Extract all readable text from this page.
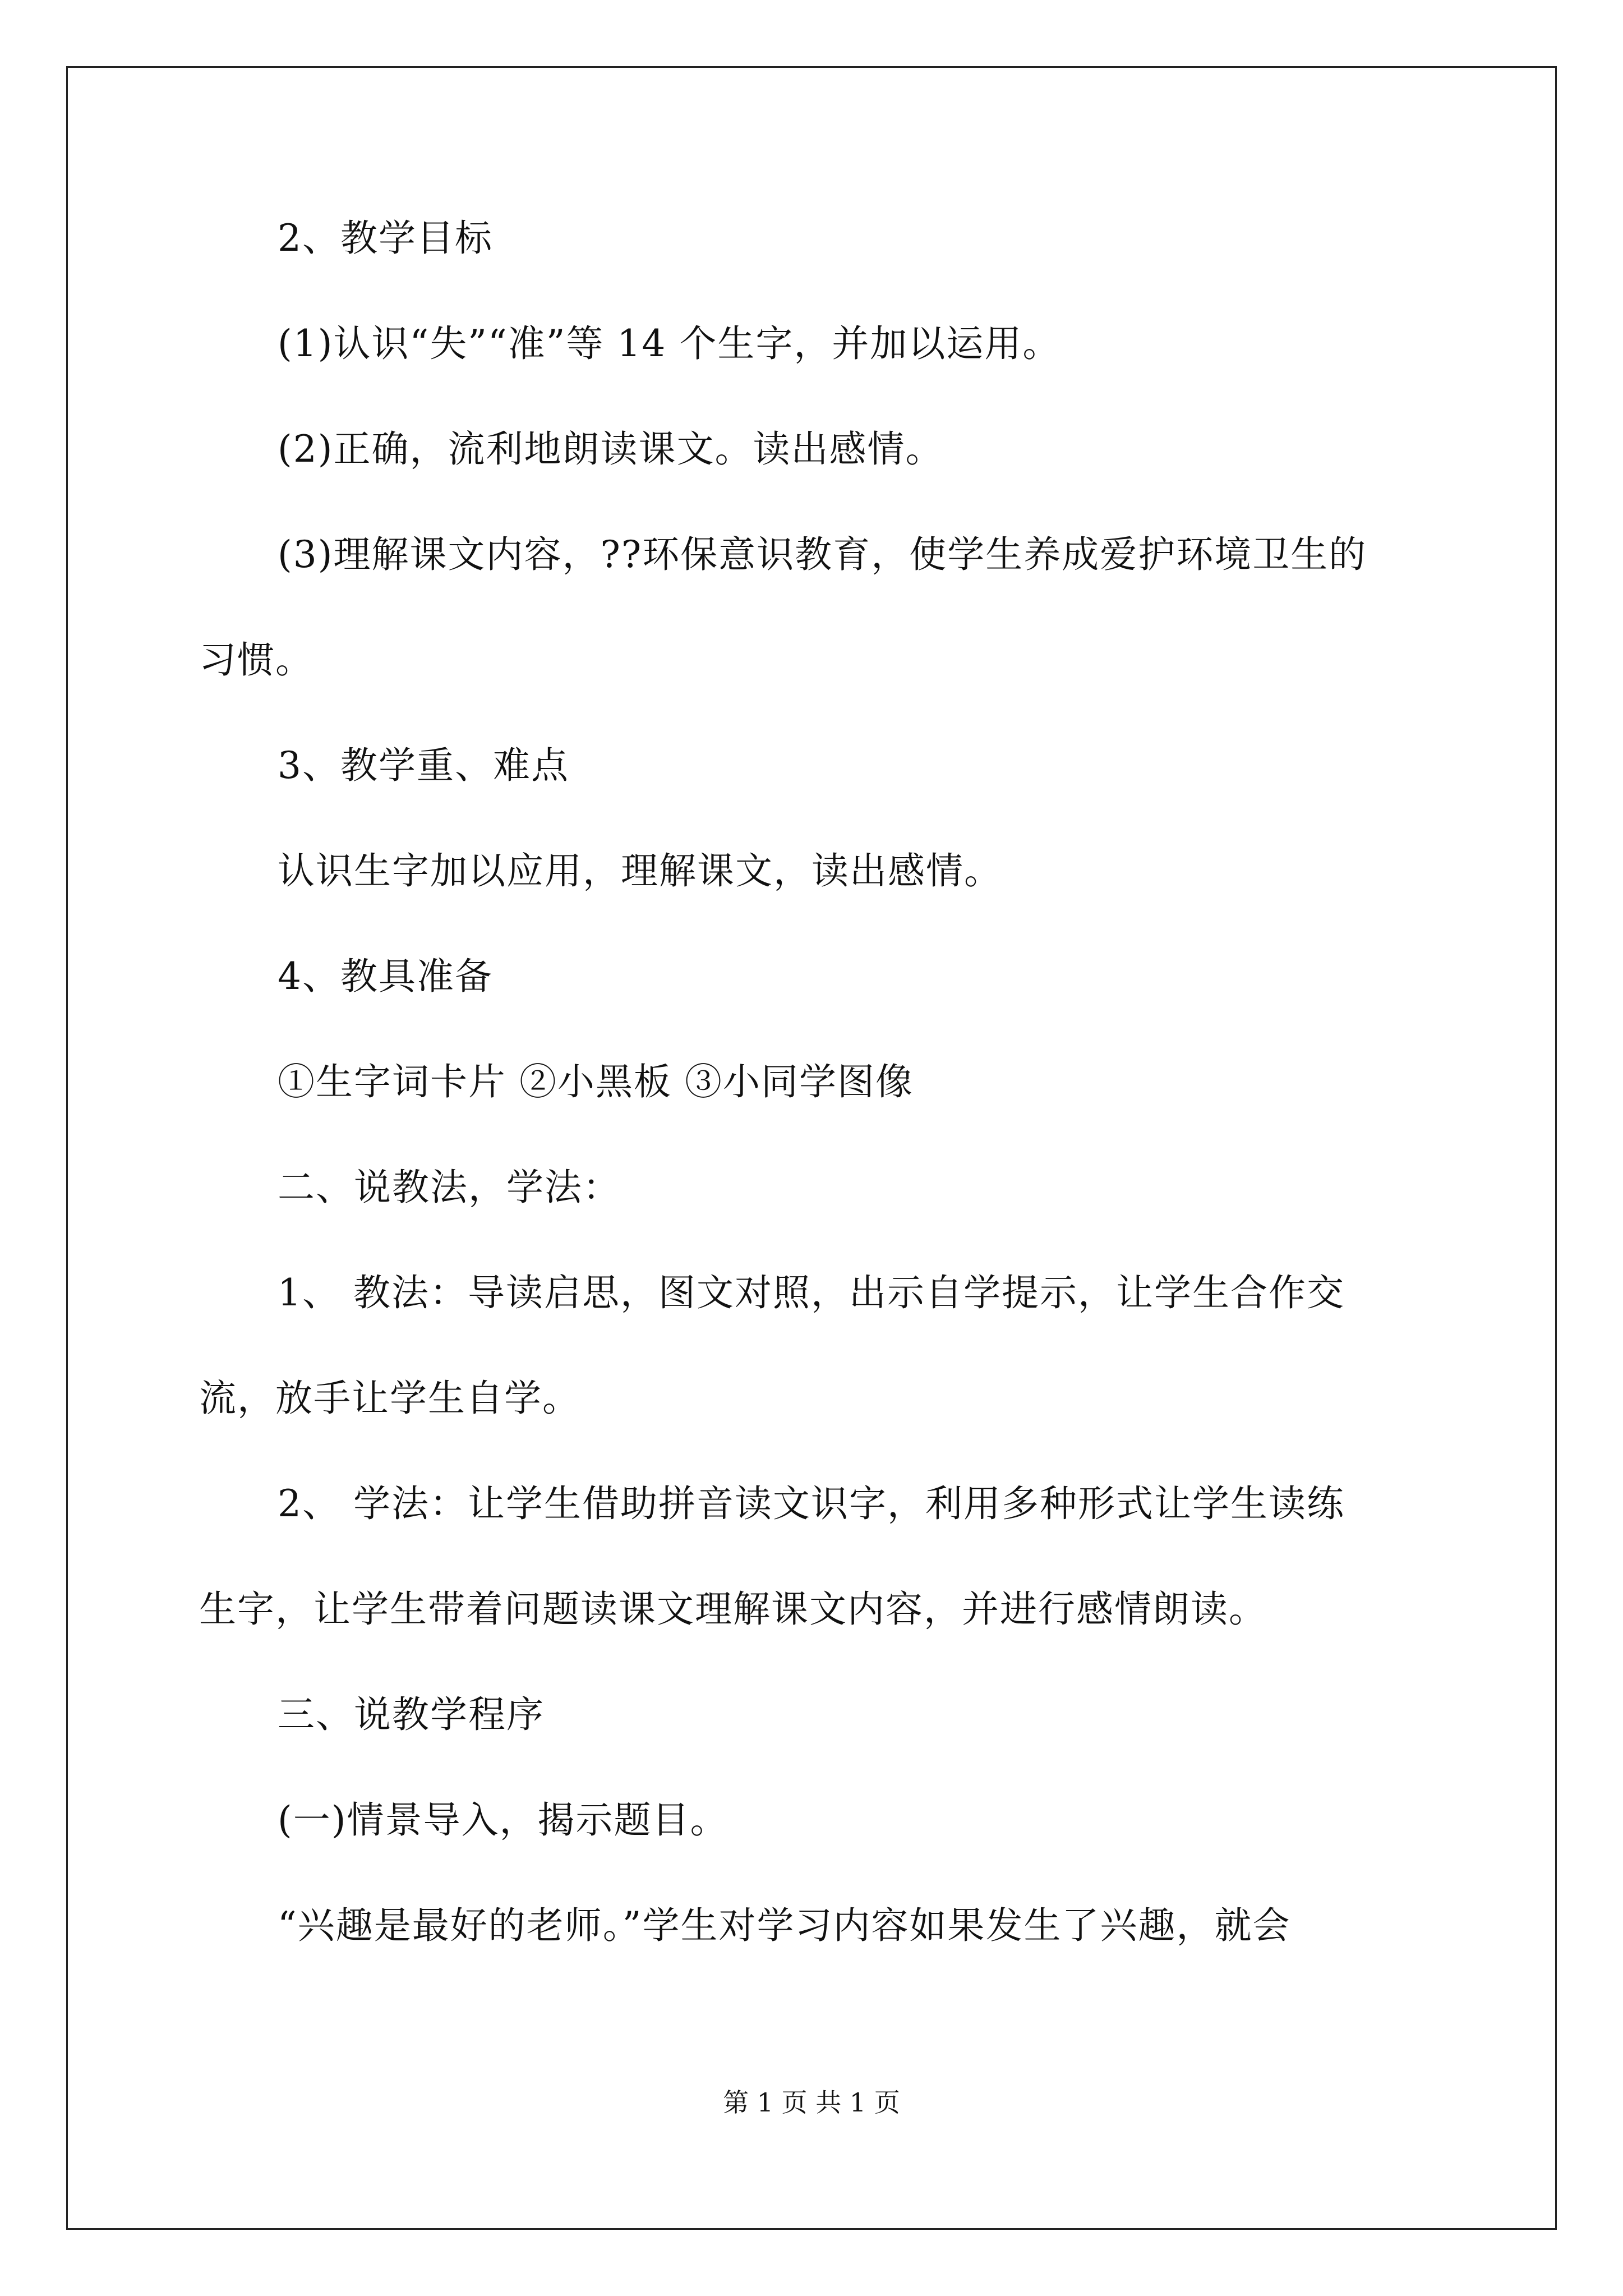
2、教学目标
(1)认识“失”“准”等 14 个生字，并加以运用。
(2)正确，流利地朗读课文。读出感情。
(3)理解课文内容，??环保意识教育，使学生养成爱护环境卫生的
习惯。
3、教学重、难点
认识生字加以应用，理解课文，读出感情。
4、教具准备
①生字词卡片 ②小黑板 ③小同学图像
二、说教法，学法：
1、 教法：导读启思，图文对照，出示自学提示，让学生合作交
流，放手让学生自学。
2、 学法：让学生借助拼音读文识字，利用多种形式让学生读练
生字，让学生带着问题读课文理解课文内容，并进行感情朗读。
三、说教学程序
(一)情景导入，揭示题目。
“兴趣是最好的老师。”学生对学习内容如果发生了兴趣，就会
第 1 页 共 1 页
